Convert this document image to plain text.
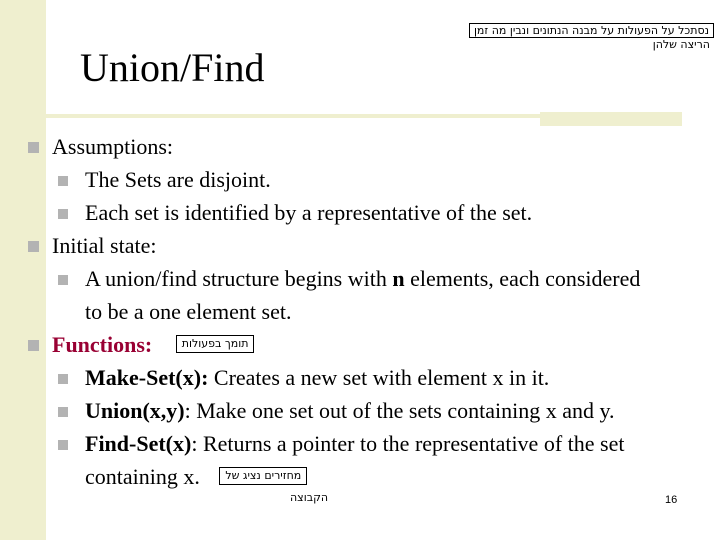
Union/Find
נסתכל על הפעולות על מבנה הנתונים ונבין מה זמן
הריצה שלהן
Assumptions:
The Sets are disjoint.
Each set is identified by a representative of the set.
Initial state:
A union/find structure begins with n elements, each considered
to be a one element set.
Functions:	תומך בפעולות
Make-Set(x): Creates a new set with element x in it.
Union(x,y): Make one set out of the sets containing x and y.
Find-Set(x): Returns a pointer to the representative of the set
containing x. מחזירים נציג של
הקבוצה	16
